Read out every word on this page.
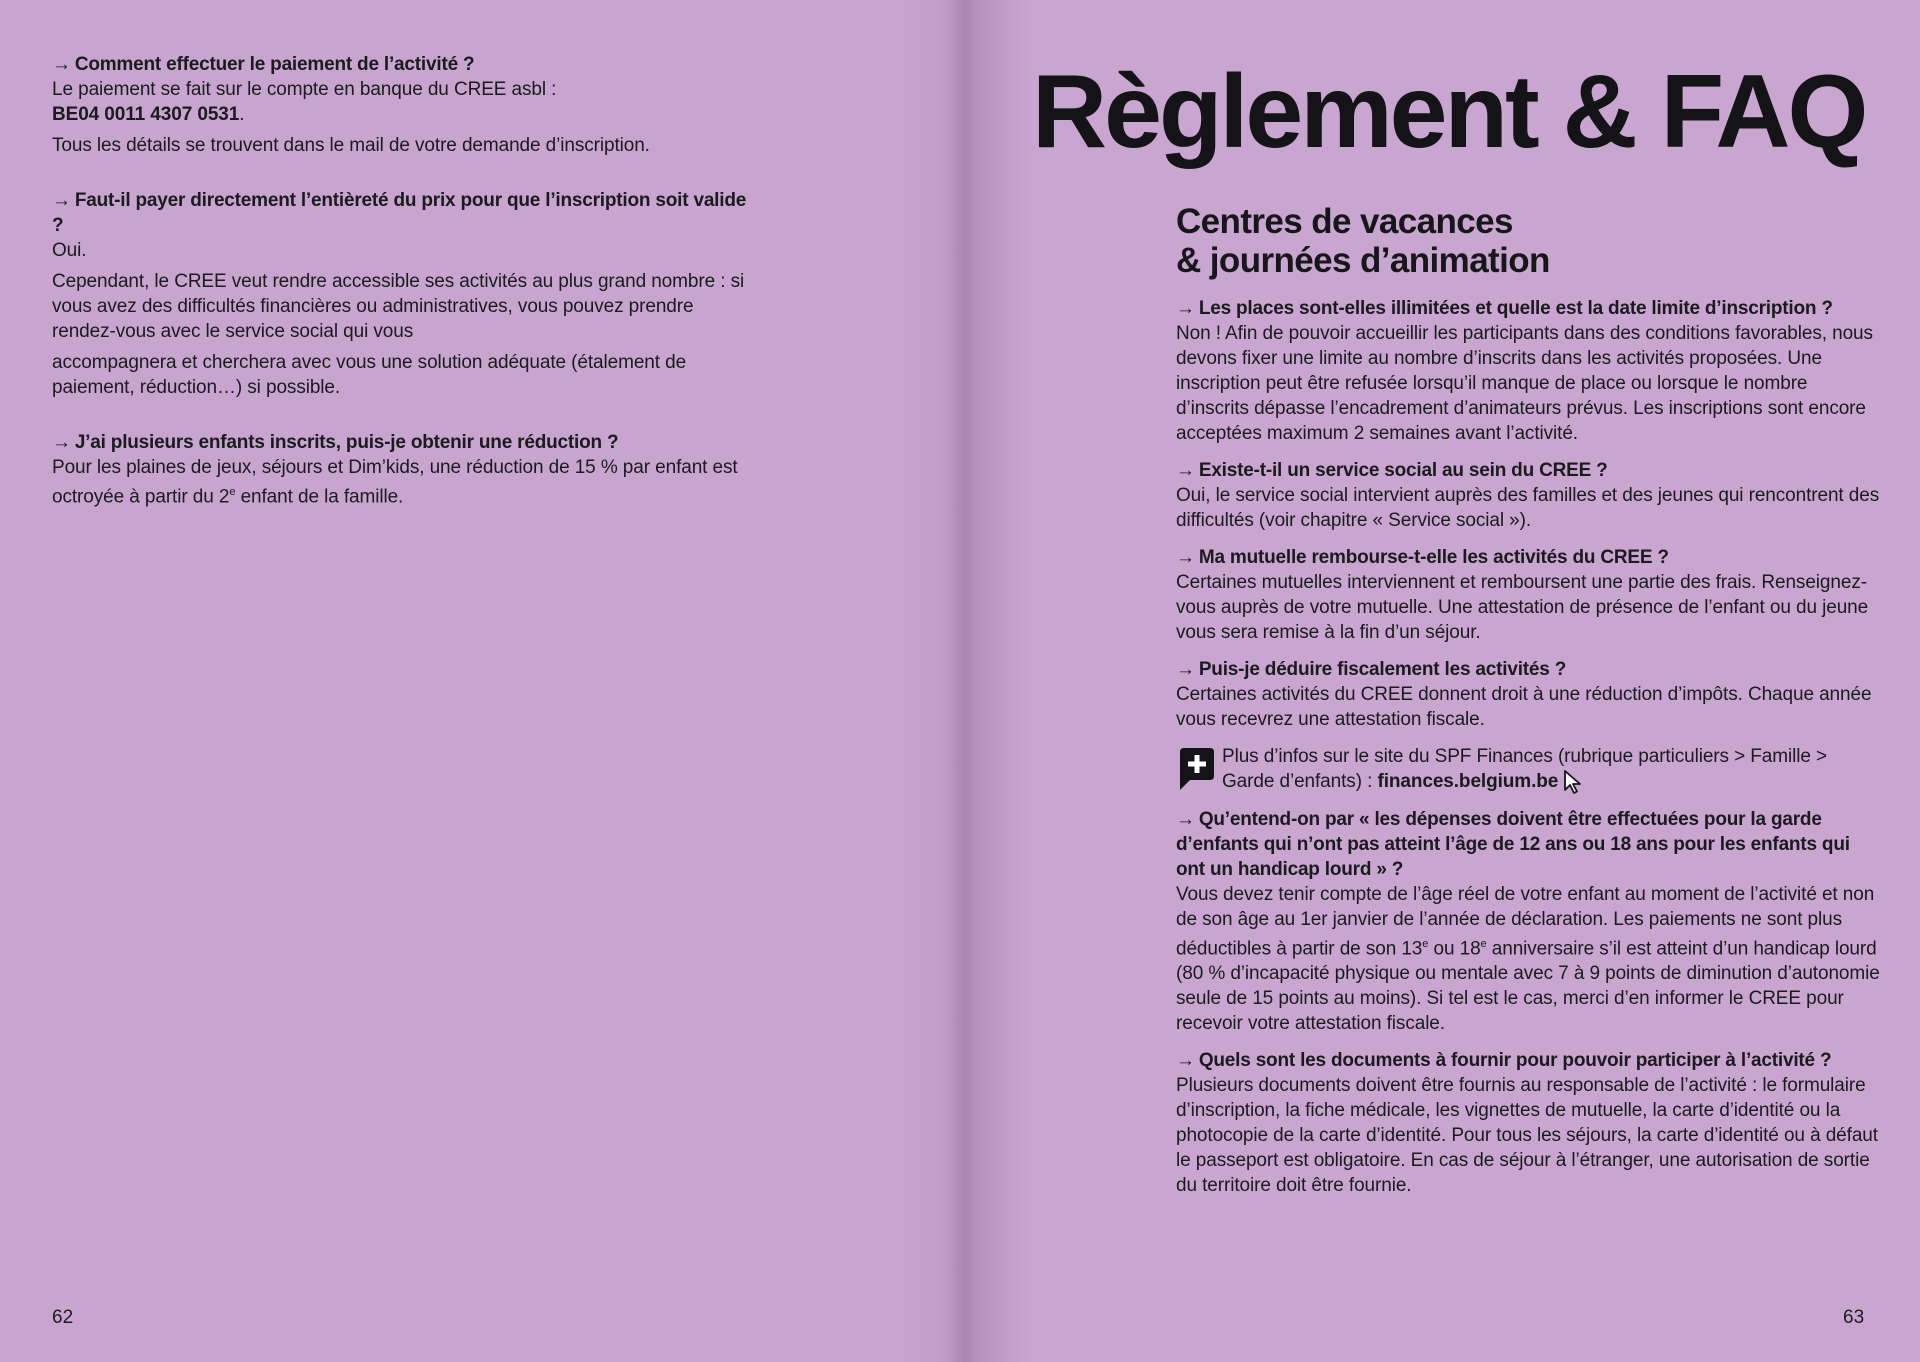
→ Comment effectuer le paiement de l’activité ?

Le paiement se fait sur le compte en banque du CREE asbl :
BE04 0011 4307 0531.

Tous les détails se trouvent dans le mail de votre demande d’inscription.

→ Faut-il payer directement l’entièreté du prix pour que l’inscription soit valide ?

Oui.

Cependant, le CREE veut rendre accessible ses activités au plus grand nombre : si vous avez des difficultés financières ou administratives, vous pouvez prendre rendez-vous avec le service social qui vous

accompagnera et cherchera avec vous une solution adéquate (étalement de paiement, réduction…) si possible.

→ J’ai plusieurs enfants inscrits, puis-je obtenir une réduction ?

Pour les plaines de jeux, séjours et Dim’kids, une réduction de 15 % par enfant est octroyée à partir du 2e enfant de la famille.

62
Règlement & FAQ
Centres de vacances
& journées d’animation

→ Les places sont-elles illimitées et quelle est la date limite d’inscription ?

Non ! Afin de pouvoir accueillir les participants dans des conditions favorables, nous devons fixer une limite au nombre d’inscrits dans les activités proposées. Une inscription peut être refusée lorsqu’il manque de place ou lorsque le nombre d’inscrits dépasse l’encadrement d’animateurs prévus. Les inscriptions sont encore acceptées maximum 2 semaines avant l’activité.

→ Existe-t-il un service social au sein du CREE ?

Oui, le service social intervient auprès des familles et des jeunes qui rencontrent des difficultés (voir chapitre « Service social »).

→ Ma mutuelle rembourse-t-elle les activités du CREE ?

Certaines mutuelles interviennent et remboursent une partie des frais. Renseignez-vous auprès de votre mutuelle. Une attestation de présence de l’enfant ou du jeune vous sera remise à la fin d’un séjour.

→ Puis-je déduire fiscalement les activités ?

Certaines activités du CREE donnent droit à une réduction d’impôts. Chaque année vous recevrez une attestation fiscale.

Plus d’infos sur le site du SPF Finances (rubrique particuliers > Famille > Garde d’enfants) : finances.belgium.be

→ Qu’entend-on par « les dépenses doivent être effectuées pour la garde d’enfants qui n’ont pas atteint l’âge de 12 ans ou 18 ans pour les enfants qui ont un handicap lourd » ?

Vous devez tenir compte de l’âge réel de votre enfant au moment de l’activité et non de son âge au 1er janvier de l’année de déclaration. Les paiements ne sont plus déductibles à partir de son 13e ou 18e anniversaire s’il est atteint d’un handicap lourd (80 % d’incapacité physique ou mentale avec 7 à 9 points de diminution d’autonomie seule de 15 points au moins). Si tel est le cas, merci d’en informer le CREE pour recevoir votre attestation fiscale.

→ Quels sont les documents à fournir pour pouvoir participer à l’activité ?

Plusieurs documents doivent être fournis au responsable de l’activité : le formulaire d’inscription, la fiche médicale, les vignettes de mutuelle, la carte d’identité ou la photocopie de la carte d’identité. Pour tous les séjours, la carte d’identité ou à défaut le passeport est obligatoire. En cas de séjour à l’étranger, une autorisation de sortie du territoire doit être fournie.

63
